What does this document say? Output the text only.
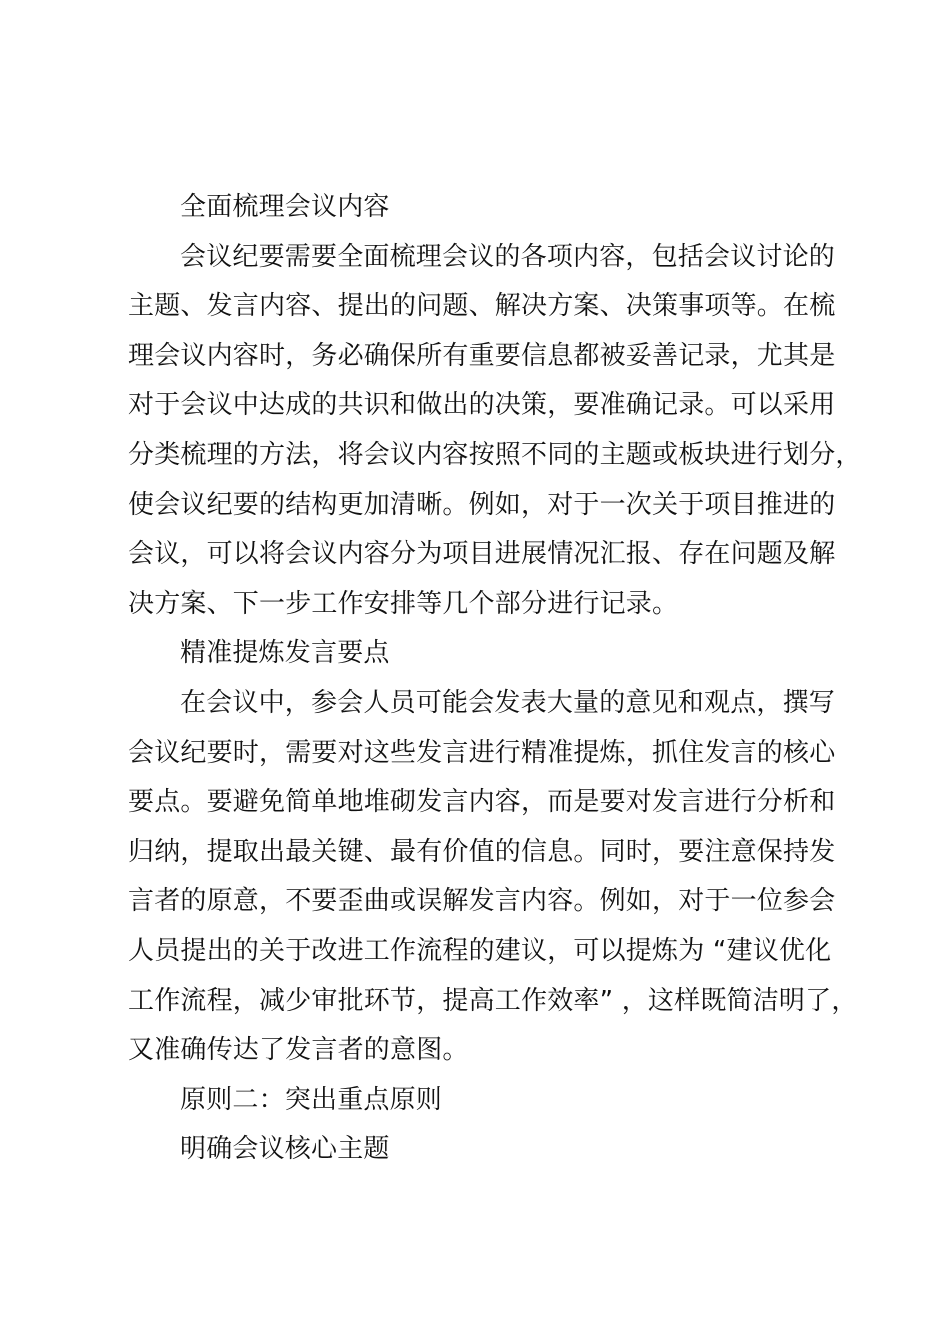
全面梳理会议内容
会议纪要需要全面梳理会议的各项内容，包括会议讨论的
主题、发言内容、提出的问题、解决方案、决策事项等。在梳
理会议内容时，务必确保所有重要信息都被妥善记录，尤其是
对于会议中达成的共识和做出的决策，要准确记录。可以采用
分类梳理的方法，将会议内容按照不同的主题或板块进行划分，
使会议纪要的结构更加清晰。例如，对于一次关于项目推进的
会议，可以将会议内容分为项目进展情况汇报、存在问题及解
决方案、下一步工作安排等几个部分进行记录。
精准提炼发言要点
在会议中，参会人员可能会发表大量的意见和观点，撰写
会议纪要时，需要对这些发言进行精准提炼，抓住发言的核心
要点。要避免简单地堆砌发言内容，而是要对发言进行分析和
归纳，提取出最关键、最有价值的信息。同时，要注意保持发
言者的原意，不要歪曲或误解发言内容。例如，对于一位参会
人员提出的关于改进工作流程的建议，可以提炼为 “建议优化
工作流程，减少审批环节，提高工作效率” ，这样既简洁明了，
又准确传达了发言者的意图。
原则二：突出重点原则
明确会议核心主题
